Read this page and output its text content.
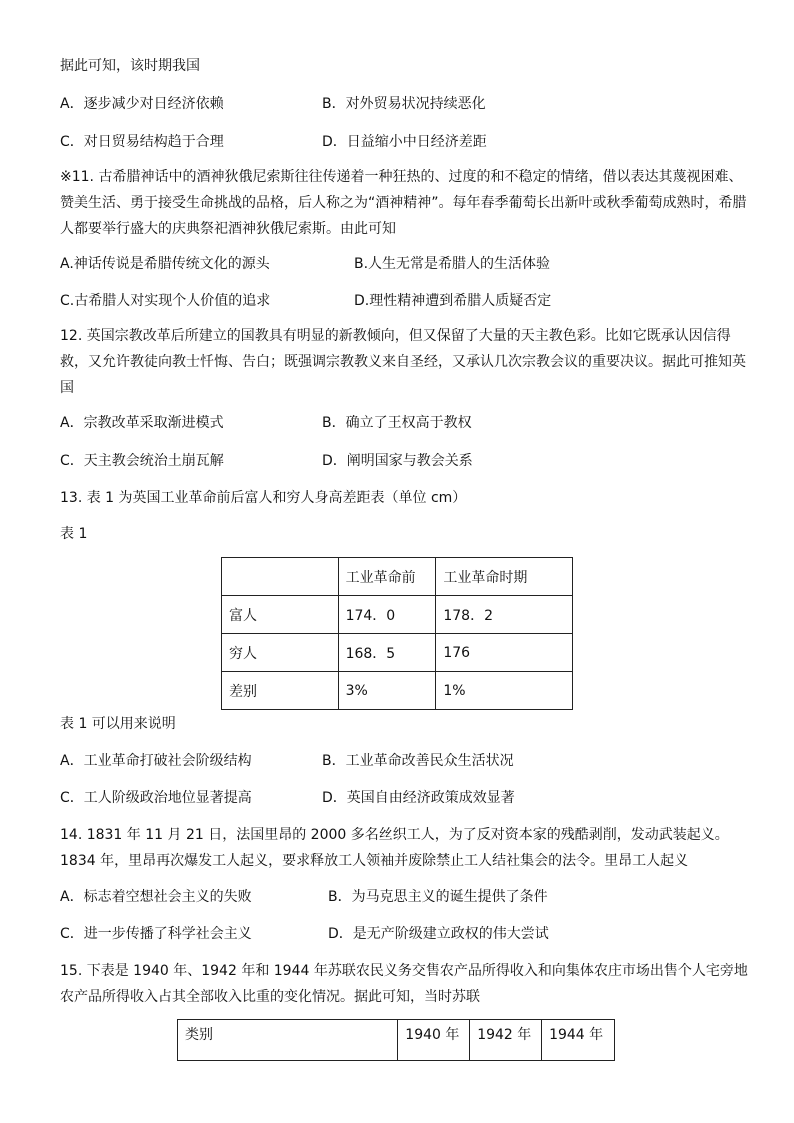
据此可知，该时期我国
A．逐步减少对日经济依赖	B．对外贸易状况持续恶化
C．对日贸易结构趋于合理	D．日益缩小中日经济差距
※11. 古希腊神话中的酒神狄俄尼索斯往往传递着一种狂热的、过度的和不稳定的情绪，借以表达其蔑视困难、赞美生活、勇于接受生命挑战的品格，后人称之为“酒神精神”。每年春季葡萄长出新叶或秋季葡萄成熟时，希腊人都要举行盛大的庆典祭祀酒神狄俄尼索斯。由此可知
A.神话传说是希腊传统文化的源头	B.人生无常是希腊人的生活体验
C.古希腊人对实现个人价值的追求	D.理性精神遭到希腊人质疑否定
12. 英国宗教改革后所建立的国教具有明显的新教倾向，但又保留了大量的天主教色彩。比如它既承认因信得救，又允许教徒向教士忏悔、告白；既强调宗教教义来自圣经，又承认几次宗教会议的重要决议。据此可推知英国
A．宗教改革采取渐进模式	B．确立了王权高于教权
C．天主教会统治土崩瓦解	D．阐明国家与教会关系
13. 表 1 为英国工业革命前后富人和穷人身高差距表（单位 cm）
表 1
	工业革命前	工业革命时期
富人	174．0	178．2
穷人	168．5	176
差别	3%	1%
表 1 可以用来说明
A．工业革命打破社会阶级结构	B．工业革命改善民众生活状况
C．工人阶级政治地位显著提高	D．英国自由经济政策成效显著
14. 1831 年 11 月 21 日，法国里昂的 2000 多名丝织工人，为了反对资本家的残酷剥削，发动武装起义。1834 年，里昂再次爆发工人起义，要求释放工人领袖并废除禁止工人结社集会的法令。里昂工人起义
A．标志着空想社会主义的失败	B．为马克思主义的诞生提供了条件
C．进一步传播了科学社会主义	D．是无产阶级建立政权的伟大尝试
15. 下表是 1940 年、1942 年和 1944 年苏联农民义务交售农产品所得收入和向集体农庄市场出售个人宅旁地农产品所得收入占其全部收入比重的变化情况。据此可知，当时苏联
类别	1940 年	1942 年	1944 年
